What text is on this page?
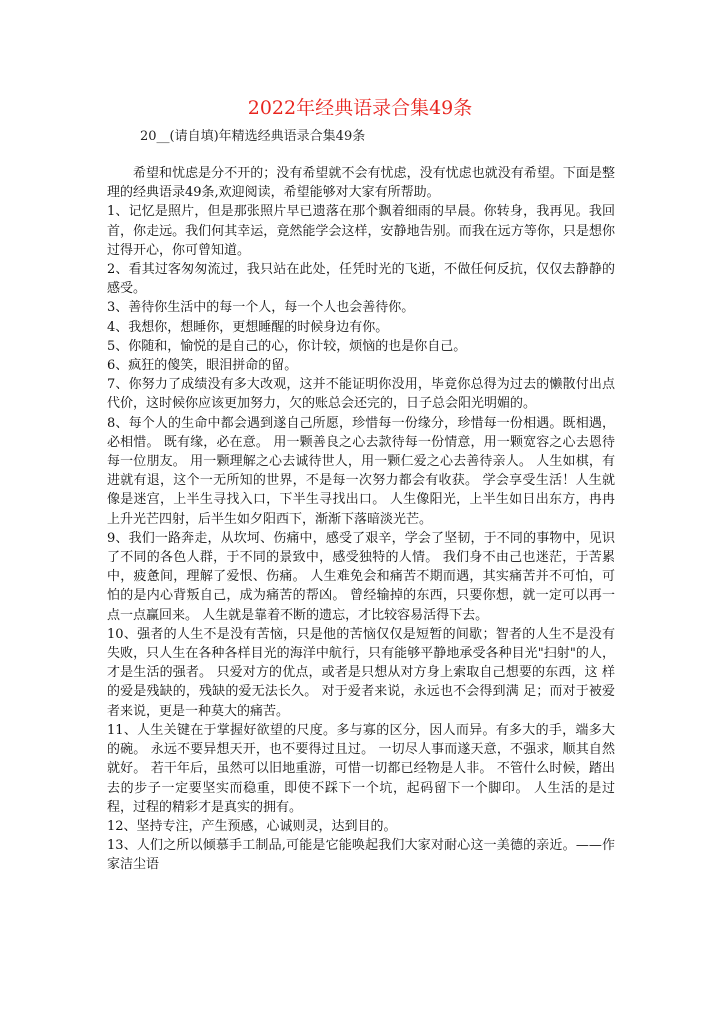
2022年经典语录合集49条
20__(请自填)年精选经典语录合集49条

希望和忧虑是分不开的；没有希望就不会有忧虑，没有忧虑也就没有希望。下面是整理的经典语录49条,欢迎阅读，希望能够对大家有所帮助。

1、记忆是照片，但是那张照片早已遗落在那个飘着细雨的早晨。你转身，我再见。我回首，你走远。我们何其幸运，竟然能学会这样，安静地告别。而我在远方等你，只是想你过得开心，你可曾知道。

2、看其过客匆匆流过，我只站在此处，任凭时光的飞逝，不做任何反抗，仅仅去静静的感受。

3、善待你生活中的每一个人，每一个人也会善待你。

4、我想你，想睡你，更想睡醒的时候身边有你。

5、你随和，愉悦的是自己的心，你计较，烦恼的也是你自己。

6、疯狂的傻笑，眼泪拼命的留。

7、你努力了成绩没有多大改观，这并不能证明你没用，毕竟你总得为过去的懒散付出点代价，这时候你应该更加努力，欠的账总会还完的，日子总会阳光明媚的。

8、每个人的生命中都会遇到遂自己所愿，珍惜每一份缘分，珍惜每一份相遇。既相遇，必相惜。 既有缘，必在意。 用一颗善良之心去款待每一份情意，用一颗宽容之心去恩待每一位朋友。 用一颗理解之心去诚待世人，用一颗仁爱之心去善待亲人。 人生如棋，有进就有退，这个一无所知的世界，不是每一次努力都会有收获。 学会享受生活！人生就像是迷宫，上半生寻找入口，下半生寻找出口。 人生像阳光，上半生如日出东方，冉冉上升光芒四射，后半生如夕阳西下，渐渐下落暗淡光芒。

9、我们一路奔走，从坎坷、伤痛中，感受了艰辛，学会了坚韧，于不同的事物中，见识了不同的各色人群，于不同的景致中，感受独特的人情。 我们身不由己也迷茫，于苦累中，疲惫间，理解了爱恨、伤痛。 人生难免会和痛苦不期而遇，其实痛苦并不可怕，可怕的是内心背叛自己，成为痛苦的帮凶。 曾经输掉的东西，只要你想，就一定可以再一点一点赢回来。 人生就是靠着不断的遗忘，才比较容易活得下去。

10、强者的人生不是没有苦恼，只是他的苦恼仅仅是短暂的间歇；智者的人生不是没有失败，只人生在各种各样目光的海洋中航行，只有能够平静地承受各种目光"扫射"的人，才是生活的强者。 只爱对方的优点，或者是只想从对方身上索取自己想要的东西，这 样的爱是残缺的，残缺的爱无法长久。 对于爱者来说，永远也不会得到满 足；而对于被爱者来说，更是一种莫大的痛苦。

11、人生关键在于掌握好欲望的尺度。多与寡的区分，因人而异。有多大的手，端多大的碗。 永远不要异想天开，也不要得过且过。 一切尽人事而遂天意，不强求，顺其自然就好。 若干年后，虽然可以旧地重游，可惜一切都已经物是人非。 不管什么时候，踏出去的步子一定要坚实而稳重，即使不踩下一个坑，起码留下一个脚印。 人生活的是过程，过程的精彩才是真实的拥有。

12、坚持专注，产生预感，心诚则灵，达到目的。

13、人们之所以倾慕手工制品,可能是它能唤起我们大家对耐心这一美德的亲近。——作家洁尘语
